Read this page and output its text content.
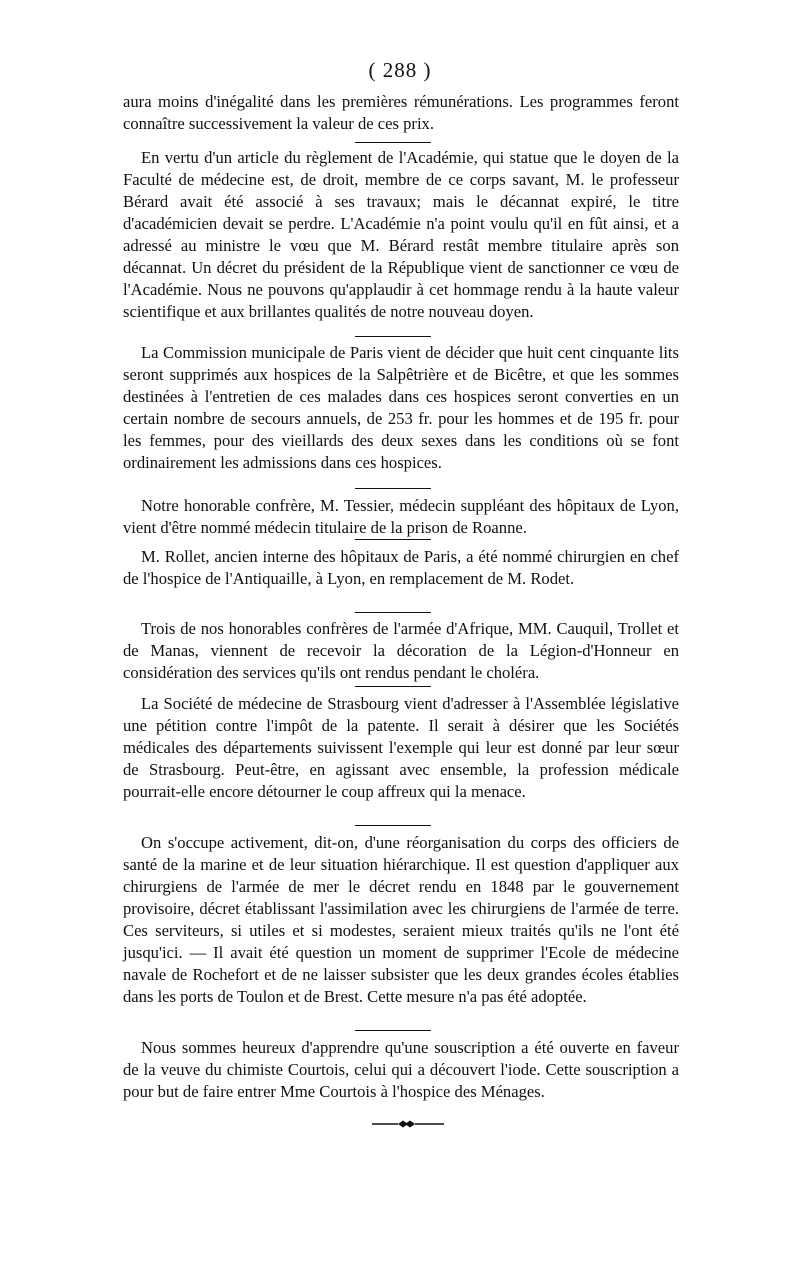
( 288 )

aura moins d'inégalité dans les premières rémunérations. Les programmes feront connaître successivement la valeur de ces prix.

En vertu d'un article du règlement de l'Académie, qui statue que le doyen de la Faculté de médecine est, de droit, membre de ce corps savant, M. le professeur Bérard avait été associé à ses travaux; mais le décannat expiré, le titre d'académicien devait se perdre. L'Académie n'a point voulu qu'il en fût ainsi, et a adressé au ministre le vœu que M. Bérard restât membre titulaire après son décannat. Un décret du président de la République vient de sanctionner ce vœu de l'Académie. Nous ne pouvons qu'applaudir à cet hommage rendu à la haute valeur scientifique et aux brillantes qualités de notre nouveau doyen.

La Commission municipale de Paris vient de décider que huit cent cinquante lits seront supprimés aux hospices de la Salpêtrière et de Bicêtre, et que les sommes destinées à l'entretien de ces malades dans ces hospices seront converties en un certain nombre de secours annuels, de 253 fr. pour les hommes et de 195 fr. pour les femmes, pour des vieillards des deux sexes dans les conditions où se font ordinairement les admissions dans ces hospices.

Notre honorable confrère, M. Tessier, médecin suppléant des hôpitaux de Lyon, vient d'être nommé médecin titulaire de la prison de Roanne.

M. Rollet, ancien interne des hôpitaux de Paris, a été nommé chirurgien en chef de l'hospice de l'Antiquaille, à Lyon, en remplacement de M. Rodet.

Trois de nos honorables confrères de l'armée d'Afrique, MM. Cauquil, Trollet et de Manas, viennent de recevoir la décoration de la Légion-d'Honneur en considération des services qu'ils ont rendus pendant le choléra.

La Société de médecine de Strasbourg vient d'adresser à l'Assemblée législative une pétition contre l'impôt de la patente. Il serait à désirer que les Sociétés médicales des départements suivissent l'exemple qui leur est donné par leur sœur de Strasbourg. Peut-être, en agissant avec ensemble, la profession médicale pourrait-elle encore détourner le coup affreux qui la menace.

On s'occupe activement, dit-on, d'une réorganisation du corps des officiers de santé de la marine et de leur situation hiérarchique. Il est question d'appliquer aux chirurgiens de l'armée de mer le décret rendu en 1848 par le gouvernement provisoire, décret établissant l'assimilation avec les chirurgiens de l'armée de terre. Ces serviteurs, si utiles et si modestes, seraient mieux traités qu'ils ne l'ont été jusqu'ici. — Il avait été question un moment de supprimer l'Ecole de médecine navale de Rochefort et de ne laisser subsister que les deux grandes écoles établies dans les ports de Toulon et de Brest. Cette mesure n'a pas été adoptée.

Nous sommes heureux d'apprendre qu'une souscription a été ouverte en faveur de la veuve du chimiste Courtois, celui qui a découvert l'iode. Cette souscription a pour but de faire entrer Mme Courtois à l'hospice des Ménages.
